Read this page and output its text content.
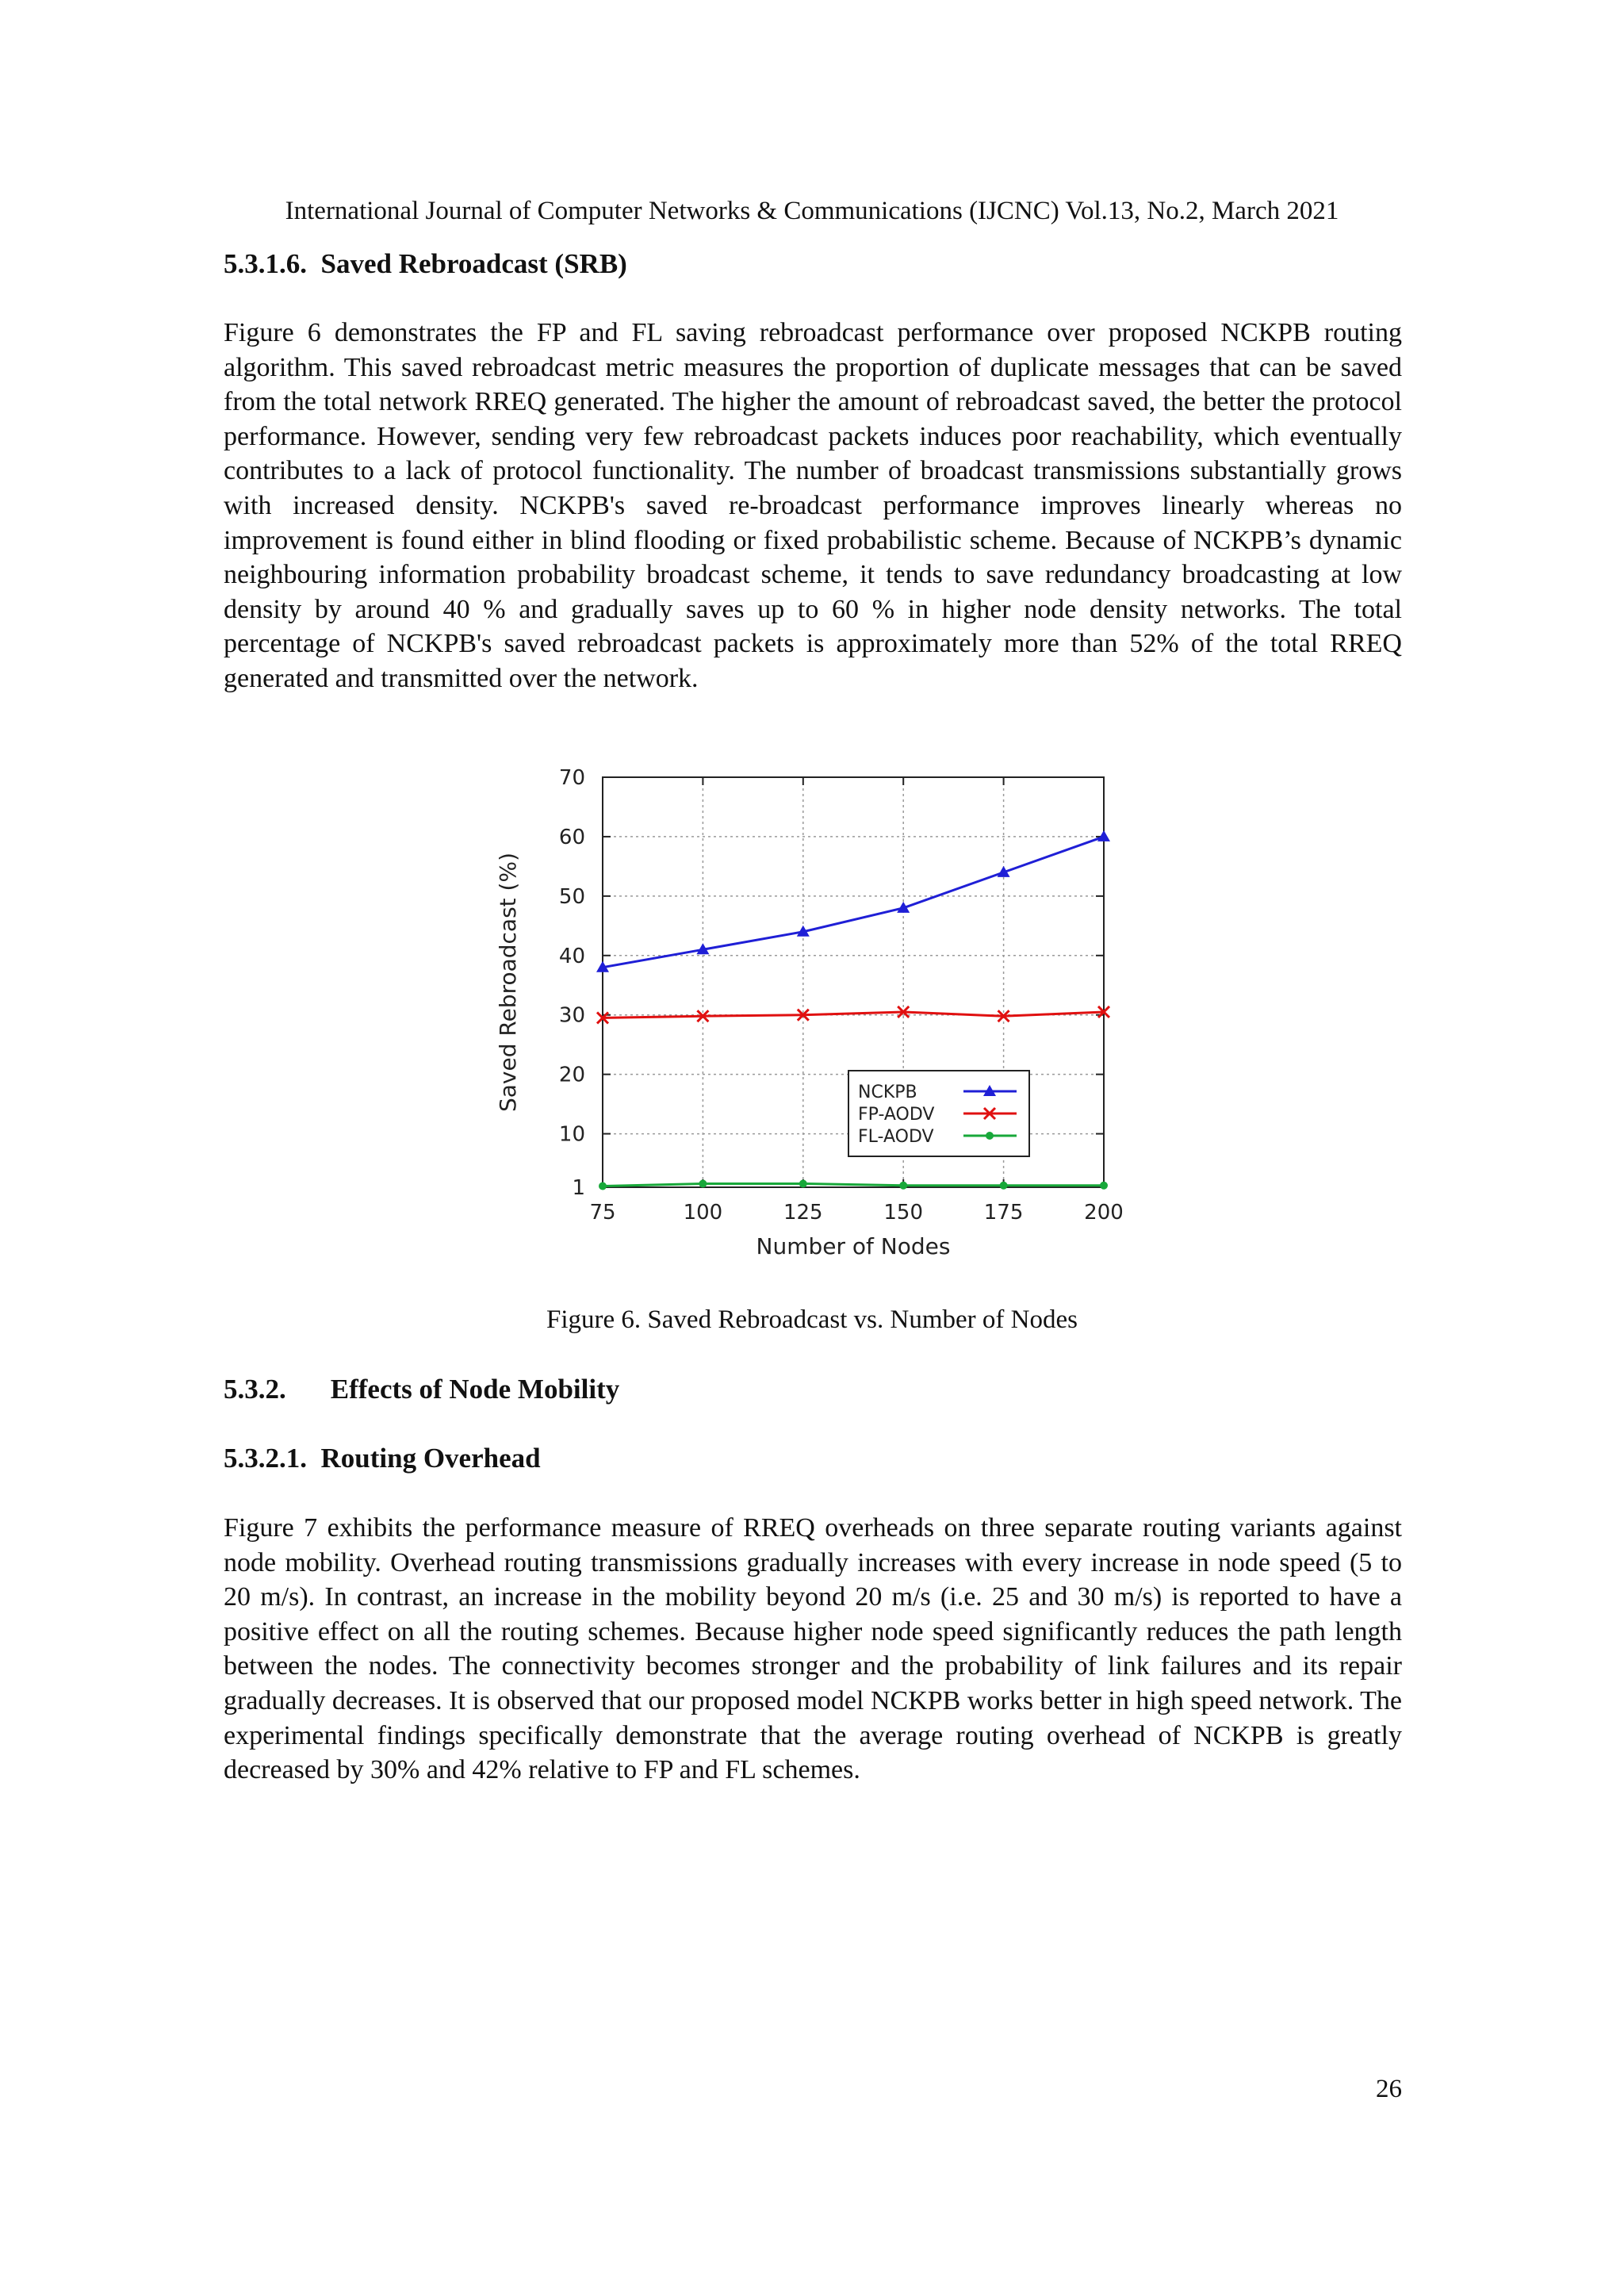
International Journal of Computer Networks & Communications (IJCNC) Vol.13, No.2, March 2021
5.3.1.6. Saved Rebroadcast (SRB)
Figure 6 demonstrates the FP and FL saving rebroadcast performance over proposed NCKPB routing algorithm. This saved rebroadcast metric measures the proportion of duplicate messages that can be saved from the total network RREQ generated. The higher the amount of rebroadcast saved, the better the protocol performance. However, sending very few rebroadcast packets induces poor reachability, which eventually contributes to a lack of protocol functionality. The number of broadcast transmissions substantially grows with increased density. NCKPB's saved re-broadcast performance improves linearly whereas no improvement is found either in blind flooding or fixed probabilistic scheme. Because of NCKPB’s dynamic neighbouring information probability broadcast scheme, it tends to save redundancy broadcasting at low density by around 40 % and gradually saves up to 60 % in higher node density networks. The total percentage of NCKPB's saved rebroadcast packets is approximately more than 52% of the total RREQ generated and transmitted over the network.
1
10
20
30
40
50
60
70
75	100	125	150	175	200
Number of Nodes
Saved Rebroadcast (%)	NCKPB
FP-AODV
FL-AODV
Figure 6. Saved Rebroadcast vs. Number of Nodes
5.3.2. Effects of Node Mobility
5.3.2.1. Routing Overhead
Figure 7 exhibits the performance measure of RREQ overheads on three separate routing variants against node mobility. Overhead routing transmissions gradually increases with every increase in node speed (5 to 20 m/s). In contrast, an increase in the mobility beyond 20 m/s (i.e. 25 and 30 m/s) is reported to have a positive effect on all the routing schemes. Because higher node speed significantly reduces the path length between the nodes. The connectivity becomes stronger and the probability of link failures and its repair gradually decreases. It is observed that our proposed model NCKPB works better in high speed network. The experimental findings specifically demonstrate that the average routing overhead of NCKPB is greatly decreased by 30% and 42% relative to FP and FL schemes.
26
